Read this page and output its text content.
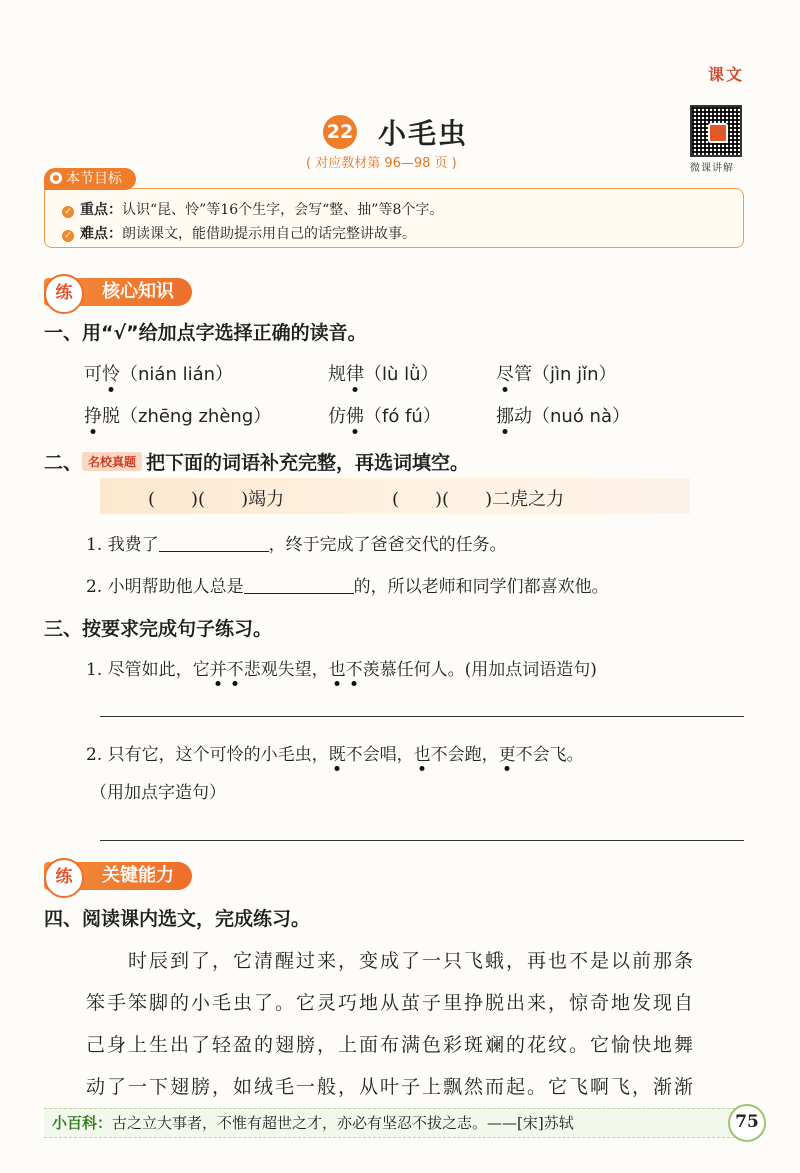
课文
22 小毛虫
( 对应教材第 96—98 页 )	微课讲解
本节目标
✓ 重点：认识“昆、怜”等16个生字，会写“整、抽”等8个字。
✓ 难点：朗读课文，能借助提示用自己的话完整讲故事。
核心知识
练
一、用“√”给加点字选择正确的读音。
可怜（nián lián）	规律（lù lǜ）	尽管（jìn jǐn）
挣脱（zhēng zhèng）	仿佛（fó fú）	挪动（nuó nà）
二、 名校真题 把下面的词语补充完整，再选词填空。
(　　)(　　)竭力	(　　)(　　)二虎之力
1. 我费了	，终于完成了爸爸交代的任务。
2. 小明帮助他人总是	的，所以老师和同学们都喜欢他。
三、按要求完成句子练习。
1. 尽管如此，它并不悲观失望，也不羡慕任何人。(用加点词语造句)
2. 只有它，这个可怜的小毛虫，既不会唱，也不会跑，更不会飞。
（用加点字造句）
关键能力
练
四、阅读课内选文，完成练习。
　　时辰到了，它清醒过来，变成了一只飞蛾，再也不是以前那条
笨手笨脚的小毛虫了。它灵巧地从茧子里挣脱出来，惊奇地发现自
己身上生出了轻盈的翅膀，上面布满色彩斑斓的花纹。它愉快地舞
动了一下翅膀，如绒毛一般，从叶子上飘然而起。它飞啊飞，渐渐
小百科：古之立大事者，不惟有超世之才，亦必有坚忍不拔之志。——[宋]苏轼	75
